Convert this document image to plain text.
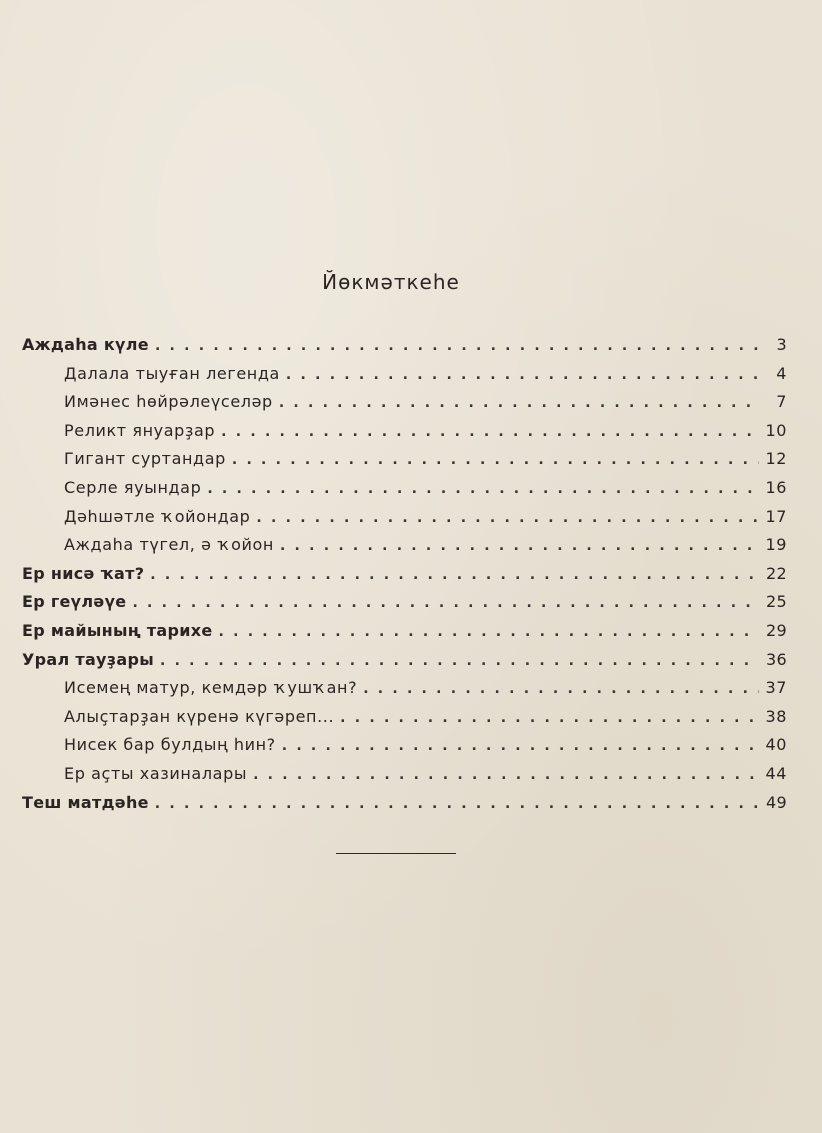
Йөкмәткеһе
Аждаһа күле . . .	3
Далала тыуған легенда . . .	4
Имәнес һөйрәлеүселәр . . .	7
Реликт януарҙар . . .	10
Гигант суртандар . . .	12
Серле яуындар . . .	16
Дәһшәтле ҡойондар . . .	17
Аждаһа түгел, ә ҡойон . . .	19
Ер нисә ҡат? . . .	22
Ер геүләүе . . .	25
Ер майының тарихе . . .	29
Урал тауҙары . . .	36
Исемең матур, кемдәр ҡушҡан? . . .	37
Алыҫтарҙан күренә күгәреп... . . .	38
Нисек бар булдың һин? . . .	40
Ер аҫты хазиналары . . .	44
Теш матдәһе . . .	49
